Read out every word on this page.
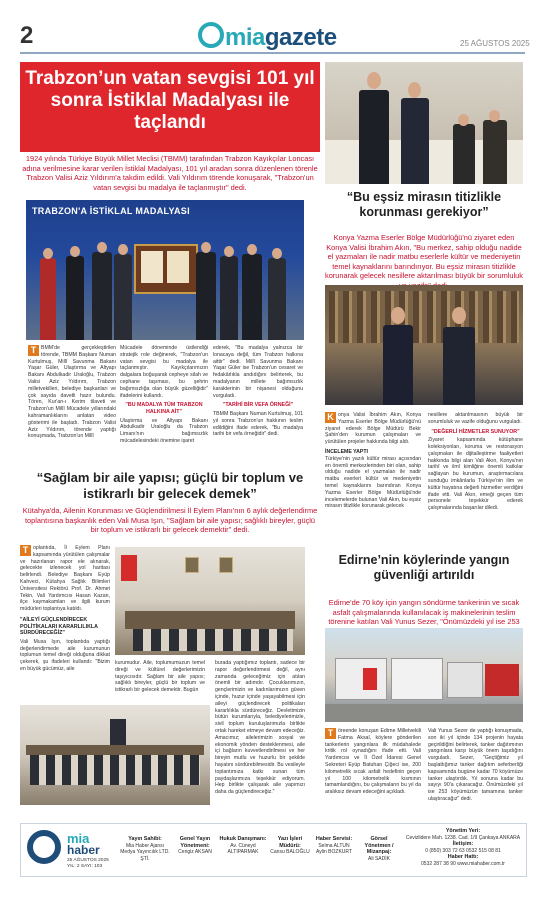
2	miagazete	25 AĞUSTOS 2025
Trabzon’un vatan sevgisi 101 yıl sonra İstiklal Madalyası ile taçlandı
1924 yılında Türkiye Büyük Millet Meclisi (TBMM) tarafından Trabzon Kayıkçılar Loncası adına verilmesine karar verilen İstiklal Madalyası, 101 yıl aradan sonra düzenlenen törenle Trabzon Valisi Aziz Yıldırım'a takdim edildi. Vali Yıldırım törende konuşarak, "Trabzon'un vatan sevgisi bu madalya ile taçlanmıştır" dedi.
TRABZON'A İSTİKLAL MADALYASI
T BMM'de gerçekleştirilen törende, TBMM Başkanı Numan Kurtulmuş, Millî Savunma Bakanı Yaşar Güler, Ulaştırma ve Altyapı Bakanı Abdulkadir Uraloğlu, Trabzon Valisi Aziz Yıldırım, Trabzon milletvekilleri, belediye başkanları ve çok sayıda davetli hazır bulundu. Tören, Kur'an-ı Kerim tilaveti ve Trabzon'un Millî Mücadele yıllarındaki kahramanlıklarını anlatan video gösterimi ile başladı. Trabzon Valisi Aziz Yıldırım, törende yaptığı konuşmada, Trabzon'un Millî
Mücadele döneminde üstlendiği stratejik role değinerek, "Trabzon'un vatan sevgisi bu madalya ile taçlanmıştır. Kayıkçılarımızın dalgalara boğuşarak cepheye silah ve cephane taşıması, bu şehrin bağımsızlığa olan büyük güzelliğidir" ifadelerini kullandı.
"BU MADALYA TÜM TRABZON HALKINA AİT"
Ulaştırma ve Altyapı Bakanı Abdulkadir Uraloğlu da Trabzon Limanı'nın bağımsızlık mücadelesindeki önemine işaret
ederek, "Bu madalya yalnızca bir lonacaya değil, tüm Trabzon halkına aittir" dedi. Millî Savunma Bakanı Yaşar Güler ise Trabzon'un cesaret ve fedakârlıkla andıdığını belirterek, bu madalyanın millete bağımsızlık karakterinin bir nişanesi olduğunu vurguladı.
"TARİHİ BİR VEFA ÖRNEĞİ"
TBMM Başkanı Numan Kurtulmuş, 101 yıl sonra Trabzon'un hakkının teslim edildiğini ifade ederek, "Bu madalya tarihi bir vefa örneğidir" dedi.
“Bu eşsiz mirasın titizlikle korunması gerekiyor”
Konya Yazma Eserler Bölge Müdürlüğü'nü ziyaret eden Konya Valisi İbrahim Akın, "Bu merkez, sahip olduğu nadide el yazmaları ile nadir matbu eserlerle kültür ve medeniyetin temel kaynaklarını barındırıyor. Bu eşsiz mirasın titizlikle korunarak gelecek nesillere aktarılması büyük bir sorumluluk
K onya Valisi İbrahim Akın, Konya Yazma Eserler Bölge Müdürlüğü'nü ziyaret ederek Bölge Müdürü Bekir Şahin'den kurumun çalışmaları ve yürütülen projeler hakkında bilgi aldı.
İNCELEME YAPTI
Türkiye'nin yazılı kültür mirası açısından en önemli merkezlerinden biri olan, sahip olduğu nadide el yazmaları ile nadir matbu eserleri kültür ve medeniyetin temel kaynaklarını barındıran Konya Yazma Eserler Bölge Müdürlüğü'nde incelemelerde bulunan Vali Akın, bu eşsiz mirasın titizlikle korunarak gelecek
nesillere aktarılmasının büyük bir sorumluluk ve vazife olduğunu vurguladı.
"DEĞERLİ HİZMETLER SUNUYOR"
Ziyaret kapsamında kütüphane koleksiyonları, koruma ve restorasyon çalışmaları ile dijitalleştirme faaliyetleri hakkında bilgi alan Vali Akın, Konya'nın tarihî ve ilmî kimliğine önemli katkılar sağlayan bu kurumun, araştırmacılara sunduğu imkânlarla Türkiye'nin ilim ve kültür hayatına değerli hizmetler verdiğini ifade etti. Vali Akın, emeği geçen tüm personele teşekkür ederek çalışmalarında başarılar diledi.
“Sağlam bir aile yapısı; güçlü bir toplum ve istikrarlı bir gelecek demek”
Kütahya'da, Ailenin Korunması ve Güçlendirilmesi İl Eylem Planı'nın 6 aylık değerlendirme toplantısına başkanlık eden Vali Musa Işın, "Sağlam bir aile yapısı; sağlıklı bireyler, güçlü bir toplum ve istikrarlı bir gelecek demektir" dedi.
T oplantıda, İl Eylem Planı kapsamında yürütülen çalışmalar ve hazırlanan rapor ele alınarak, gelecekte izlenecek yol haritası belirlendi. Belediye Başkanı Eyüp Kahveci, Kütahya Sağlık Bilimleri Üniversitesi Rektörü Prof. Dr. Ahmet Tekin, Vali Yardımcısı Hasan Kazan, ilçe kaymakamları ve ilgili kurum müdürleri toplantıya katıldı.
"AİLEYİ GÜÇLENDİRECEK POLİTİKALARI KARARLILIKLA SÜRDÜRECEĞİZ"
Vali Musa Işın, toplantıda yaptığı değerlendirmede aile kurumunun toplumun temel direği olduğuna dikkat çekerek, şu ifadeleri kullandı: "Bizim en büyük gücümüz, aile
kurumudur. Aile, toplumumuzun temel direği ve kültürel değerlerimizin taşıyıcısıdır. Sağlam bir aile yapısı; sağlıklı bireyler, güçlü bir toplum ve istikrarlı bir gelecek demektir. Bugün
burada yaptığımız toplantı, sadece bir rapor değerlendirmesi değil, aynı zamanda geleceğimiz için atılan önemli bir adımdır. Çocuklarımızın, gençlerimizin ve kadınlarımızın güven içinde, huzur içinde yaşayabilmesi için aileyi güçlendirecek politikaları kararlılıkla sürdüreceğiz. Devletimizin bütün kurumlarıyla, belediyelerimizle, sivil toplum kuruluşlarımızla birlikte ortak hareket etmeye devam edeceğiz. Amacımız; ailelerimizin sosyal ve ekonomik yönden desteklenmesi, aile içi bağların kuvvetlendirilmesi ve her bireyin mutlu ve huzurlu bir şekilde hayatını sürdürebilmesidir. Bu vesileyle toplantımıza katkı sunan tüm paydaşlarımıza teşekkür ediyorum. Hep birlikte çalışarak aile yapımızı daha da güçlendireceğiz."
Edirne’nin köylerinde yangın güvenliği artırıldı
Edirne'de 70 köy için yangın söndürme tankerinin ve sıcak asfalt çalışmalarında kullanılacak iş makinelerinin teslim törenine katılan Vali Yunus Sezer, "Önümüzdeki yıl ise 253
T öreende konuşan Edirne Milletvekili Fatma Aksal, köylere gönderilen tankerlerin yangınlara ilk müdahalede kritik rol oynadığını ifade etti. Vali Yardımcısı ve İl Özel İdaresi Genel Sekreteri Eyüp Batuhan Çiğeci ise, 200 kilometrelik sıcak asfalt hedefinin geçen yıl 100 kilometrelik kısmının tamamlandığını, bu çalışmaların bu yıl da aralıksız devam edeceğini açıkladı.
Vali Yunus Sezer de yaptığı konuşmada, son iki yıl içinde 134 projenin hayata geçirildiğini belirterek, tanker dağıtımının yangınlara karşı büyük önem taşıdığını vurguladı. Sezer, "Geçtiğimiz yıl başlattığımız tanker dağıtım seferberliği kapsamında bugüne kadar 70 köyümüze tanker ulaştırdık. Yıl sonuna kadar bu sayıyı 90'a çıkaracağız. Önümüzdeki yıl ise 253 köyümüzün tamamına tanker ulaştıracağız" dedi.
mia
haber
25 AĞUSTOS 2025
YIL: 2 SAYI: 103
Yayın Sahibi:
Mia Haber Ajansı Medya Yayıncılık LTD. ŞTİ.
Genel Yayın Yönetmeni:
Cengiz AKSAN
Hukuk Danışmanı:
Av. Cüneyd ALTIPARMAK
Yazı İşleri Müdürü:
Cansu BALOĞLU
Haber Servisi:
Selma ALTUN Aylin BOZKURT
Görsel Yönetmen / Mizanpaj:
Ali SADİK
Yönetim Yeri:
Cevizlidere Mah. 1238. Cad. 1/9 Çankaya ANKARA
İletişim:
0 (850) 303 72 63 0532 515 08 81
Haber Hattı:
0532 287 38 90 www.miahaber.com.tr
